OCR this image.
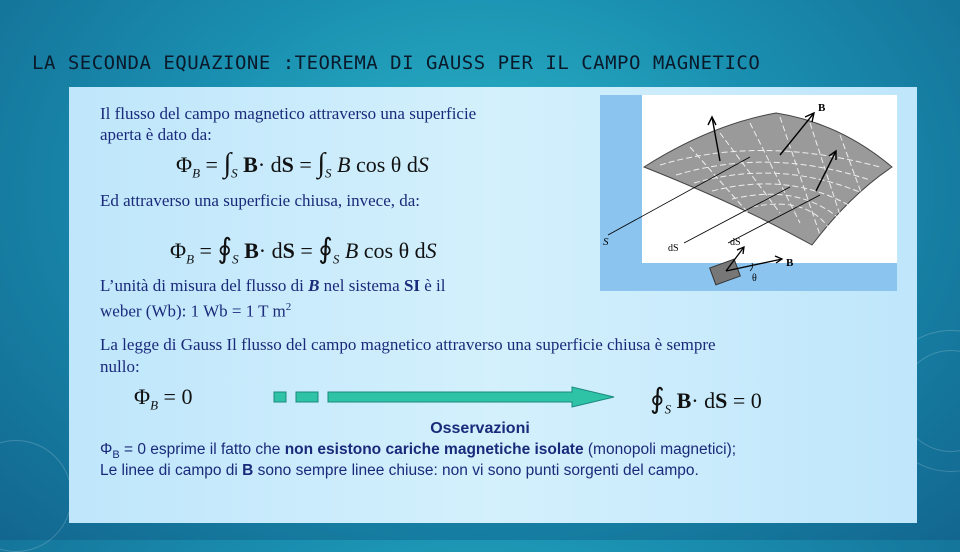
LA SECONDA EQUAZIONE :TEOREMA DI GAUSS PER IL CAMPO MAGNETICO

Il flusso del campo magnetico attraverso una superficie

aperta è dato da:

$\Phi_B = \int_S$ B· dS = $\int_S$ B cos θ dS

Ed attraverso una superficie chiusa, invece, da:

$\Phi_B$ = $∮_S$ B· dS = $∮_S$ B cos θ dS

L’unità di misura del flusso di B nel sistema SI è il

weber (Wb): 1 Wb = 1 T $m^2$

B
S
dS
dS
B
θ

La legge di Gauss Il flusso del campo magnetico attraverso una superficie chiusa è sempre

nullo:

$\Phi_B = 0$	$∮_S$ B· dS = 0
Osservazioni

$\Phi_B = 0$ esprime il fatto che non esistono cariche magnetiche isolate (monopoli magnetici);

Le linee di campo di B sono sempre linee chiuse: non vi sono punti sorgenti del campo.
